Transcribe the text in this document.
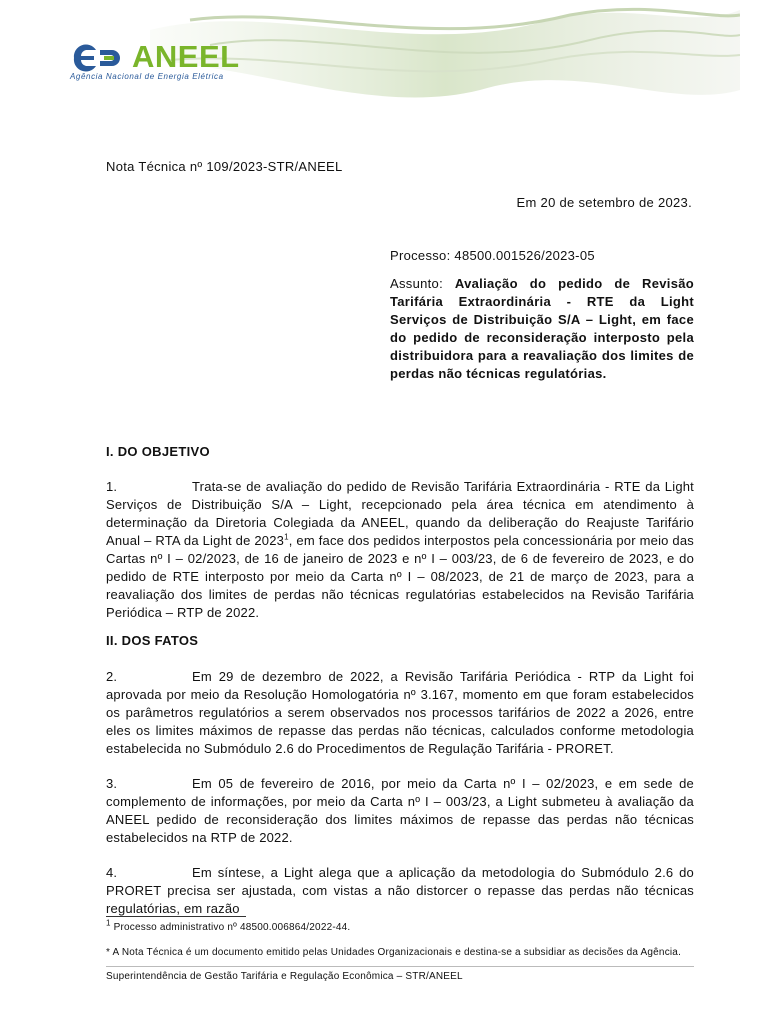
ANEEL
Agência Nacional de Energia Elétrica
Nota Técnica nº 109/2023-STR/ANEEL
Em 20 de setembro de 2023.
Processo: 48500.001526/2023-05
Assunto: Avaliação do pedido de Revisão Tarifária Extraordinária - RTE da Light Serviços de Distribuição S/A – Light, em face do pedido de reconsideração interposto pela distribuidora para a reavaliação dos limites de perdas não técnicas regulatórias.
I. DO OBJETIVO
1.	Trata-se de avaliação do pedido de Revisão Tarifária Extraordinária - RTE da Light Serviços de Distribuição S/A – Light, recepcionado pela área técnica em atendimento à determinação da Diretoria Colegiada da ANEEL, quando da deliberação do Reajuste Tarifário Anual – RTA da Light de 2023$^1$, em face dos pedidos interpostos pela concessionária por meio das Cartas nº I – 02/2023, de 16 de janeiro de 2023 e nº I – 003/23, de 6 de fevereiro de 2023, e do pedido de RTE interposto por meio da Carta nº I – 08/2023, de 21 de março de 2023, para a reavaliação dos limites de perdas não técnicas regulatórias estabelecidos na Revisão Tarifária Periódica – RTP de 2022.
II. DOS FATOS
2.	Em 29 de dezembro de 2022, a Revisão Tarifária Periódica - RTP da Light foi aprovada por meio da Resolução Homologatória nº 3.167, momento em que foram estabelecidos os parâmetros regulatórios a serem observados nos processos tarifários de 2022 a 2026, entre eles os limites máximos de repasse das perdas não técnicas, calculados conforme metodologia estabelecida no Submódulo 2.6 do Procedimentos de Regulação Tarifária - PRORET.
3.	Em 05 de fevereiro de 2016, por meio da Carta nº I – 02/2023, e em sede de complemento de informações, por meio da Carta nº I – 003/23, a Light submeteu à avaliação da ANEEL pedido de reconsideração dos limites máximos de repasse das perdas não técnicas estabelecidos na RTP de 2022.
4.	Em síntese, a Light alega que a aplicação da metodologia do Submódulo 2.6 do PRORET precisa ser ajustada, com vistas a não distorcer o repasse das perdas não técnicas regulatórias, em razão
$^1$ Processo administrativo nº 48500.006864/2022-44.
* A Nota Técnica é um documento emitido pelas Unidades Organizacionais e destina-se a subsidiar as decisões da Agência.
Superintendência de Gestão Tarifária e Regulação Econômica – STR/ANEEL
